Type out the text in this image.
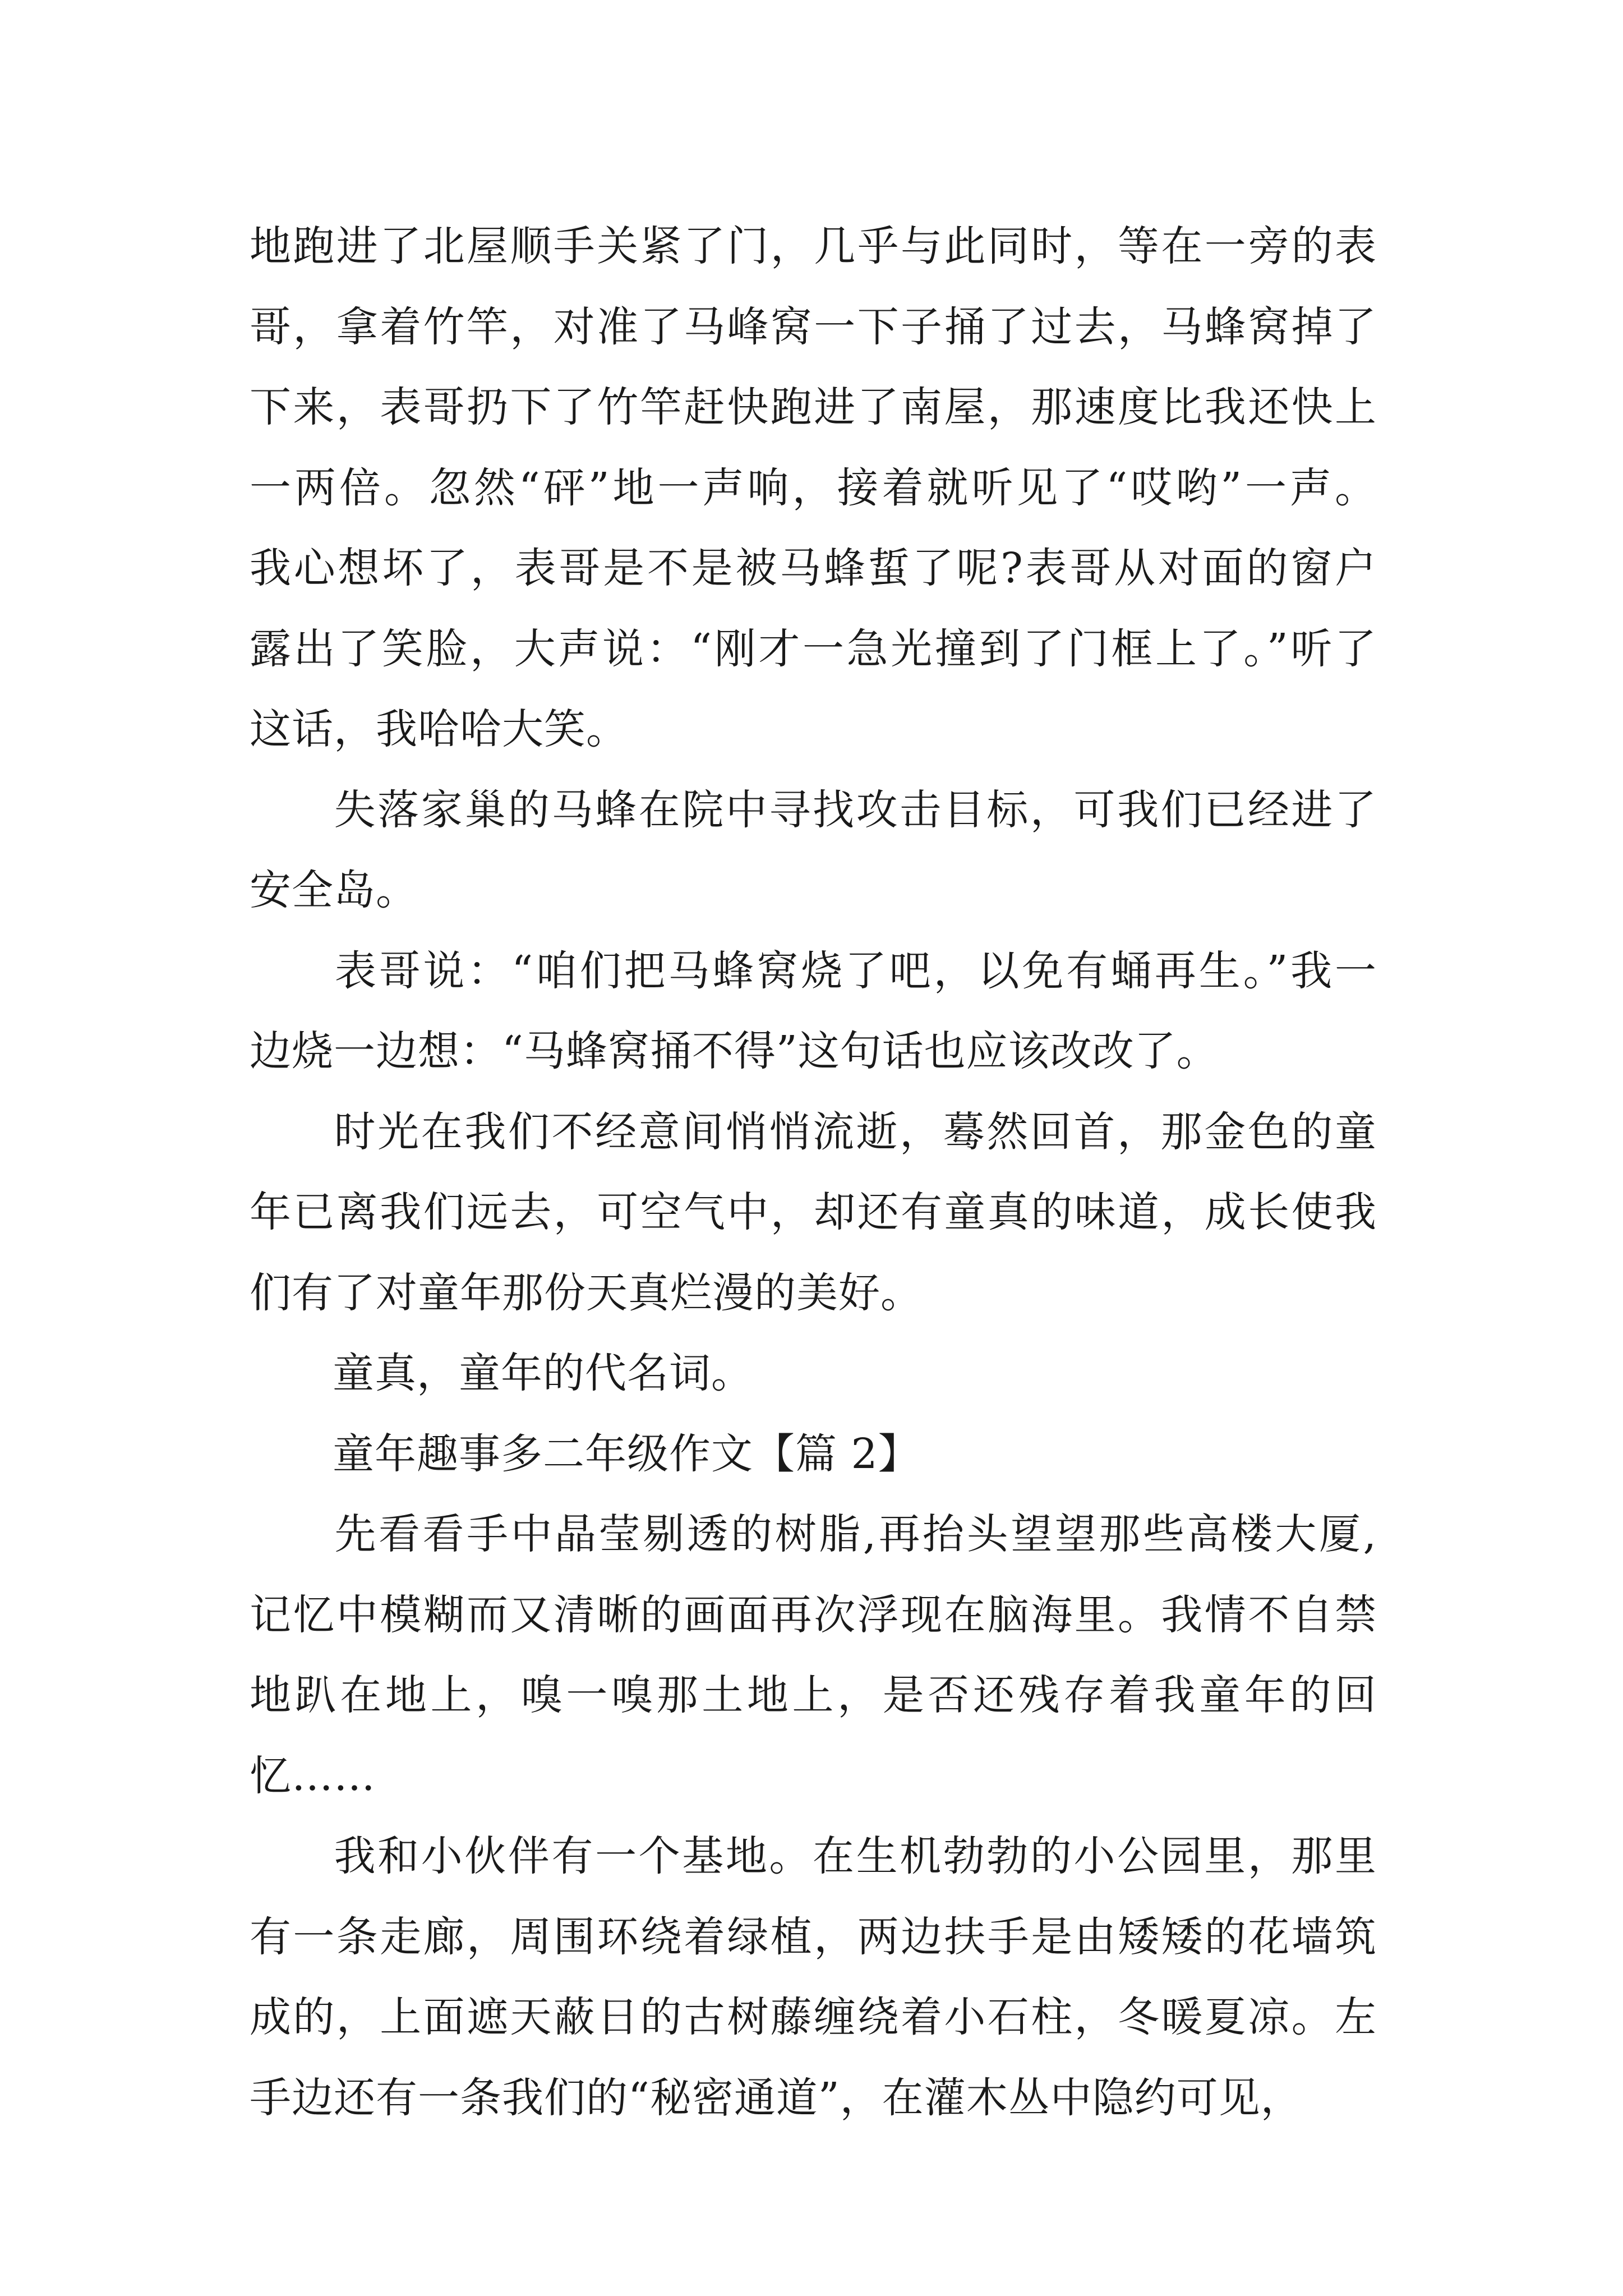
地跑进了北屋顺手关紧了门，几乎与此同时，等在一旁的表
哥，拿着竹竿，对准了马峰窝一下子捅了过去，马蜂窝掉了
下来，表哥扔下了竹竿赶快跑进了南屋，那速度比我还快上
一两倍。忽然“砰”地一声响，接着就听见了“哎哟”一声。
我心想坏了，表哥是不是被马蜂蜇了呢?表哥从对面的窗户
露出了笑脸，大声说：“刚才一急光撞到了门框上了。”听了
这话，我哈哈大笑。

失落家巢的马蜂在院中寻找攻击目标，可我们已经进了
安全岛。

表哥说：“咱们把马蜂窝烧了吧，以免有蛹再生。”我一
边烧一边想：“马蜂窝捅不得”这句话也应该改改了。

时光在我们不经意间悄悄流逝，蓦然回首，那金色的童
年已离我们远去，可空气中，却还有童真的味道，成长使我
们有了对童年那份天真烂漫的美好。

童真，童年的代名词。

童年趣事多二年级作文【篇 2】

先看看手中晶莹剔透的树脂,再抬头望望那些高楼大厦,
记忆中模糊而又清晰的画面再次浮现在脑海里。我情不自禁
地趴在地上，嗅一嗅那土地上，是否还残存着我童年的回
忆……

我和小伙伴有一个基地。在生机勃勃的小公园里，那里
有一条走廊，周围环绕着绿植，两边扶手是由矮矮的花墙筑
成的，上面遮天蔽日的古树藤缠绕着小石柱，冬暖夏凉。左
手边还有一条我们的“秘密通道”，在灌木丛中隐约可见，
